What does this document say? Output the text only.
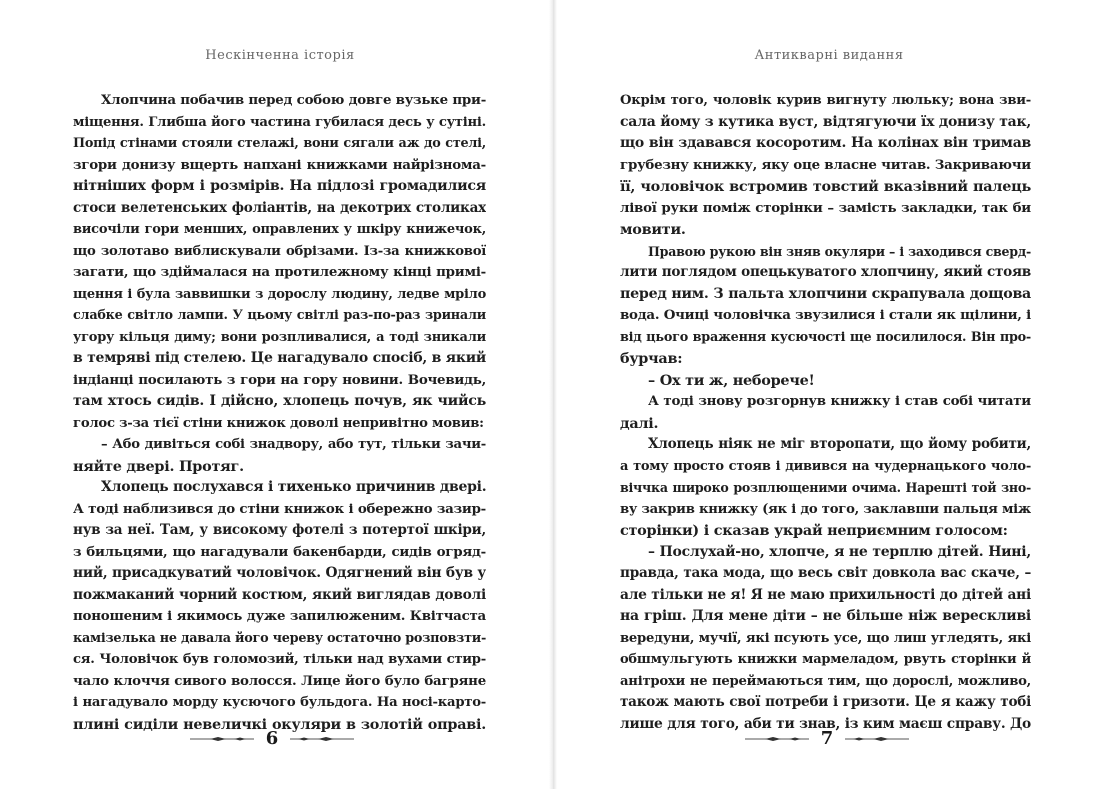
Нескінченна історія
Хлопчина побачив перед собою довге вузьке при-
міщення. Глибша його частина губилася десь у сутіні.
Попід стінами стояли стелажі, вони сягали аж до стелі,
згори донизу вщерть напхані книжками найрізнома-
нітніших форм і розмірів. На підлозі громадилися
стоси велетенських фоліантів, на декотрих столиках
височіли гори менших, оправлених у шкіру книжечок,
що золотаво виблискували обрізами. Із-за книжкової
загати, що здіймалася на протилежному кінці примі-
щення і була заввишки з дорослу людину, ледве мріло
слабке світло лампи. У цьому світлі раз-по-раз зринали
угору кільця диму; вони розпливалися, а тоді зникали
в темряві під стелею. Це нагадувало спосіб, в який
індіанці посилають з гори на гору новини. Вочевидь,
там хтось сидів. І дійсно, хлопець почув, як чийсь
голос з-за тієї стіни книжок доволі непривітно мовив:
– Або дивіться собі знадвору, або тут, тільки зачи-
няйте двері. Протяг.
Хлопець послухався і тихенько причинив двері.
А тоді наблизився до стіни книжок і обережно зазир-
нув за неї. Там, у високому фотелі з потертої шкіри,
з бильцями, що нагадували бакенбарди, сидів огряд-
ний, присадкуватий чоловічок. Одягнений він був у
пожмаканий чорний костюм, який виглядав доволі
поношеним і якимось дуже запилюженим. Квітчаста
камізелька не давала його череву остаточно розповзти-
ся. Чоловічок був голомозий, тільки над вухами стир-
чало клоччя сивого волосся. Лице його було багряне
і нагадувало морду кусючого бульдога. На носі-карто-
плині сиділи невеличкі окуляри в золотій оправі.
6
Антикварні видання
Окрім того, чоловік курив вигнуту люльку; вона зви-
сала йому з кутика вуст, відтягуючи їх донизу так,
що він здавався косоротим. На колінах він тримав
грубезну книжку, яку оце власне читав. Закриваючи
її, чоловічок встромив товстий вказівний палець
лівої руки поміж сторінки – замість закладки, так би
мовити.
Правою рукою він зняв окуляри – і заходився сверд-
лити поглядом опецькуватого хлопчину, який стояв
перед ним. З пальта хлопчини скрапувала дощова
вода. Очиці чоловічка звузилися і стали як щілини, і
від цього враження кусючості ще посилилося. Він про-
бурчав:
– Ох ти ж, неборече!
А тоді знову розгорнув книжку і став собі читати
далі.
Хлопець ніяк не міг второпати, що йому робити,
а тому просто стояв і дивився на чудернацького чоло-
віччка широко розплющеними очима. Нарешті той зно-
ву закрив книжку (як і до того, заклавши пальця між
сторінки) і сказав украй неприємним голосом:
– Послухай-но, хлопче, я не терплю дітей. Нині,
правда, така мода, що весь світ довкола вас скаче, –
але тільки не я! Я не маю прихильності до дітей ані
на гріш. Для мене діти – не більше ніж верескливі
вередуни, мучії, які псують усе, що лиш угледять, які
обшмульгують книжки мармеладом, рвуть сторінки й
анітрохи не переймаються тим, що дорослі, можливо,
також мають свої потреби і гризоти. Це я кажу тобі
лише для того, аби ти знав, із ким маєш справу. До
7
